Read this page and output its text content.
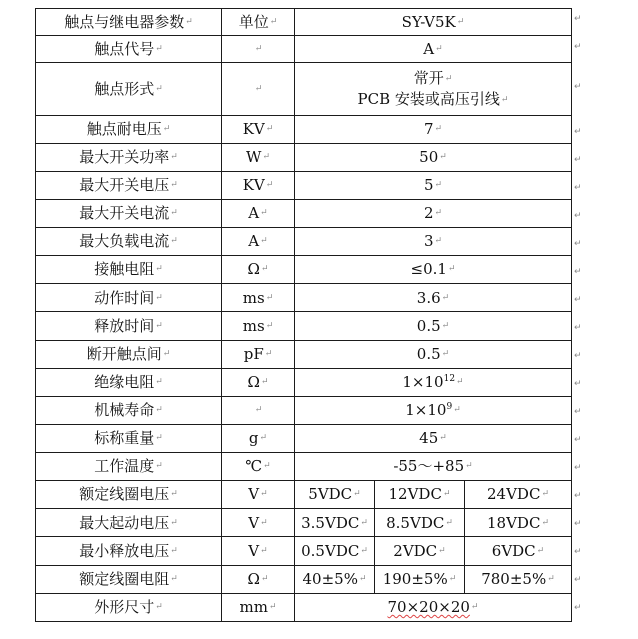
触点与继电器参数↵	单位↵	SY-V5K↵		
触点代号↵	↵	A↵		
触点形式↵	↵	常开↵
PCB 安装或高压引线↵		

触点耐电压↵	KV↵	7↵		
最大开关功率↵	W↵	50↵		
最大开关电压↵	KV↵	5↵		
最大开关电流↵	A↵	2↵		
最大负载电流↵	A↵	3↵		
接触电阻↵	Ω↵	≤0.1↵		
动作时间↵	ms↵	3.6↵		
释放时间↵	ms↵	0.5↵		
断开触点间↵	pF↵	0.5↵		
绝缘电阻↵	Ω↵	$1\times 10^{12}↵$		
机械寿命↵	↵	$1\times 10^9↵$		
标称重量↵	g↵	45↵		
工作温度↵	℃↵	-55～+85↵		
额定线圈电压↵	V↵	5VDC↵	12VDC↵	24VDC↵
最大起动电压↵	V↵	3.5VDC↵	8.5VDC↵	18VDC↵
最小释放电压↵	V↵	0.5VDC↵	2VDC↵	6VDC↵
额定线圈电阻↵	Ω↵	40±5%↵	190±5%↵	780±5%↵
外形尺寸↵	mm↵	70×20×20↵		
↵
↵
↵
↵
↵
↵
↵
↵
↵
↵
↵
↵
↵
↵
↵
↵
↵
↵
↵
↵
↵
